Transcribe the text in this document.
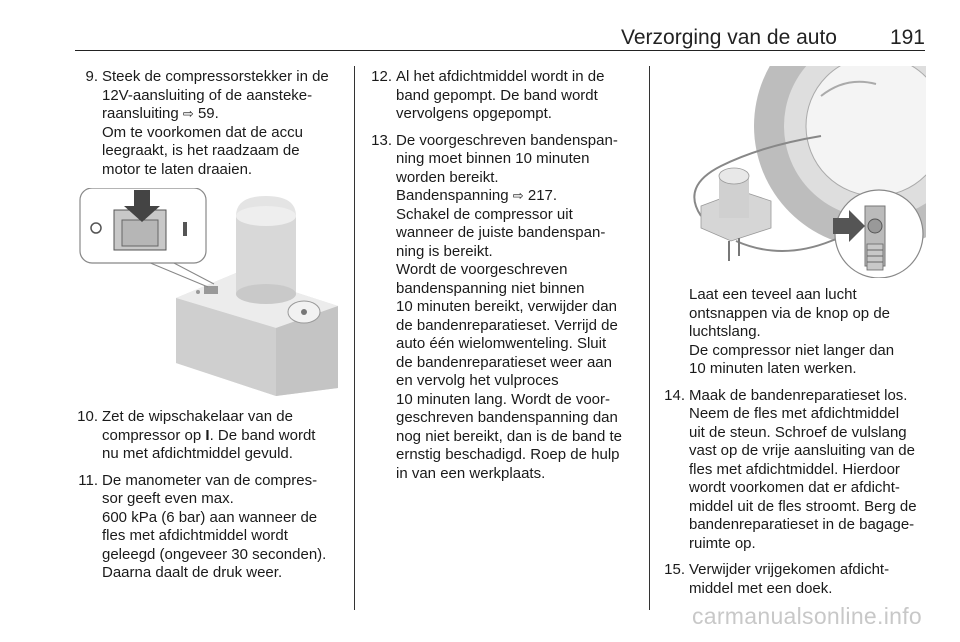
Verzorging van de auto	191
9. Steek de compressorstekker in de
12V-aansluiting of de aansteke-
raansluiting ⇨ 59.

Om te voorkomen dat de accu
leegraakt, is het raadzaam de
motor te laten draaien.

10. Zet de wipschakelaar van de
compressor op I. De band wordt
nu met afdichtmiddel gevuld.

11. De manometer van de compres-
sor geeft even max.
600 kPa (6 bar) aan wanneer de
fles met afdichtmiddel wordt
geleegd (ongeveer 30 seconden).
Daarna daalt de druk weer.

12. Al het afdichtmiddel wordt in de
band gepompt. De band wordt
vervolgens opgepompt.

13. De voorgeschreven bandenspan-
ning moet binnen 10 minuten
worden bereikt.

Bandenspanning ⇨ 217.

Schakel de compressor uit
wanneer de juiste bandenspan-
ning is bereikt.

Wordt de voorgeschreven
bandenspanning niet binnen
10 minuten bereikt, verwijder dan
de bandenreparatieset. Verrijd de
auto één wielomwenteling. Sluit
de bandenreparatieset weer aan
en vervolg het vulproces
10 minuten lang. Wordt de voor-
geschreven bandenspanning dan
nog niet bereikt, dan is de band te
ernstig beschadigd. Roep de hulp
in van een werkplaats.

Laat een teveel aan lucht
ontsnappen via de knop op de
luchtslang.

De compressor niet langer dan
10 minuten laten werken.

14. Maak de bandenreparatieset los.
Neem de fles met afdichtmiddel
uit de steun. Schroef de vulslang
vast op de vrije aansluiting van de
fles met afdichtmiddel. Hierdoor
wordt voorkomen dat er afdicht-
middel uit de fles stroomt. Berg de
bandenreparatieset in de bagage-
ruimte op.

15. Verwijder vrijgekomen afdicht-
middel met een doek.

carmanualsonline.info
